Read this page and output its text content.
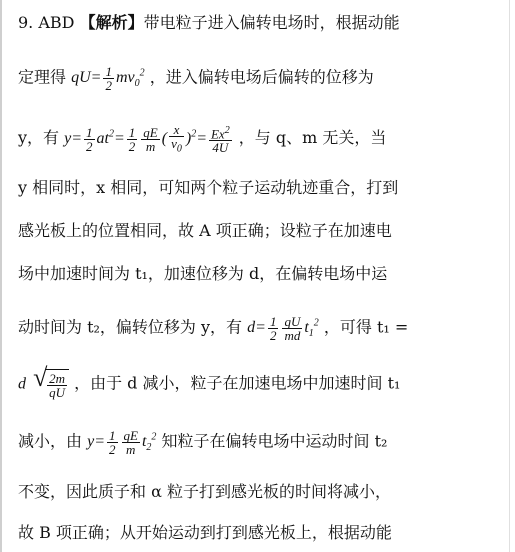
9. ABD 【解析】带电粒子进入偏转电场时，根据动能
定理得 $qU= \frac{1}{2} mv_0^2$ ，进入偏转电场后偏转的位移为
y，有 $y= \frac{1}{2} at^2= \frac{1}{2} \frac{qE}{m}$ ( $\frac{x}{v_0} )^2= \frac{Ex^2}{4U}$ ，与 q、m 无关，当
y 相同时，x 相同，可知两个粒子运动轨迹重合，打到
感光板上的位置相同，故 A 项正确；设粒子在加速电
场中加速时间为 t₁，加速位移为 d，在偏转电场中运
动时间为 t₂，偏转位移为 y，有 $d= \frac{1}{2} \frac{qU}{md} t_1^2$ ，可得 t₁ =
d √ $\frac{2m}{qU}$ ，由于 d 减小，粒子在加速电场中加速时间 t₁
减小，由 $y= \frac{1}{2} \frac{qE}{m} t_2^2$ 知粒子在偏转电场中运动时间 t₂
不变，因此质子和 α 粒子打到感光板的时间将减小，
故 B 项正确；从开始运动到打到感光板上，根据动能
